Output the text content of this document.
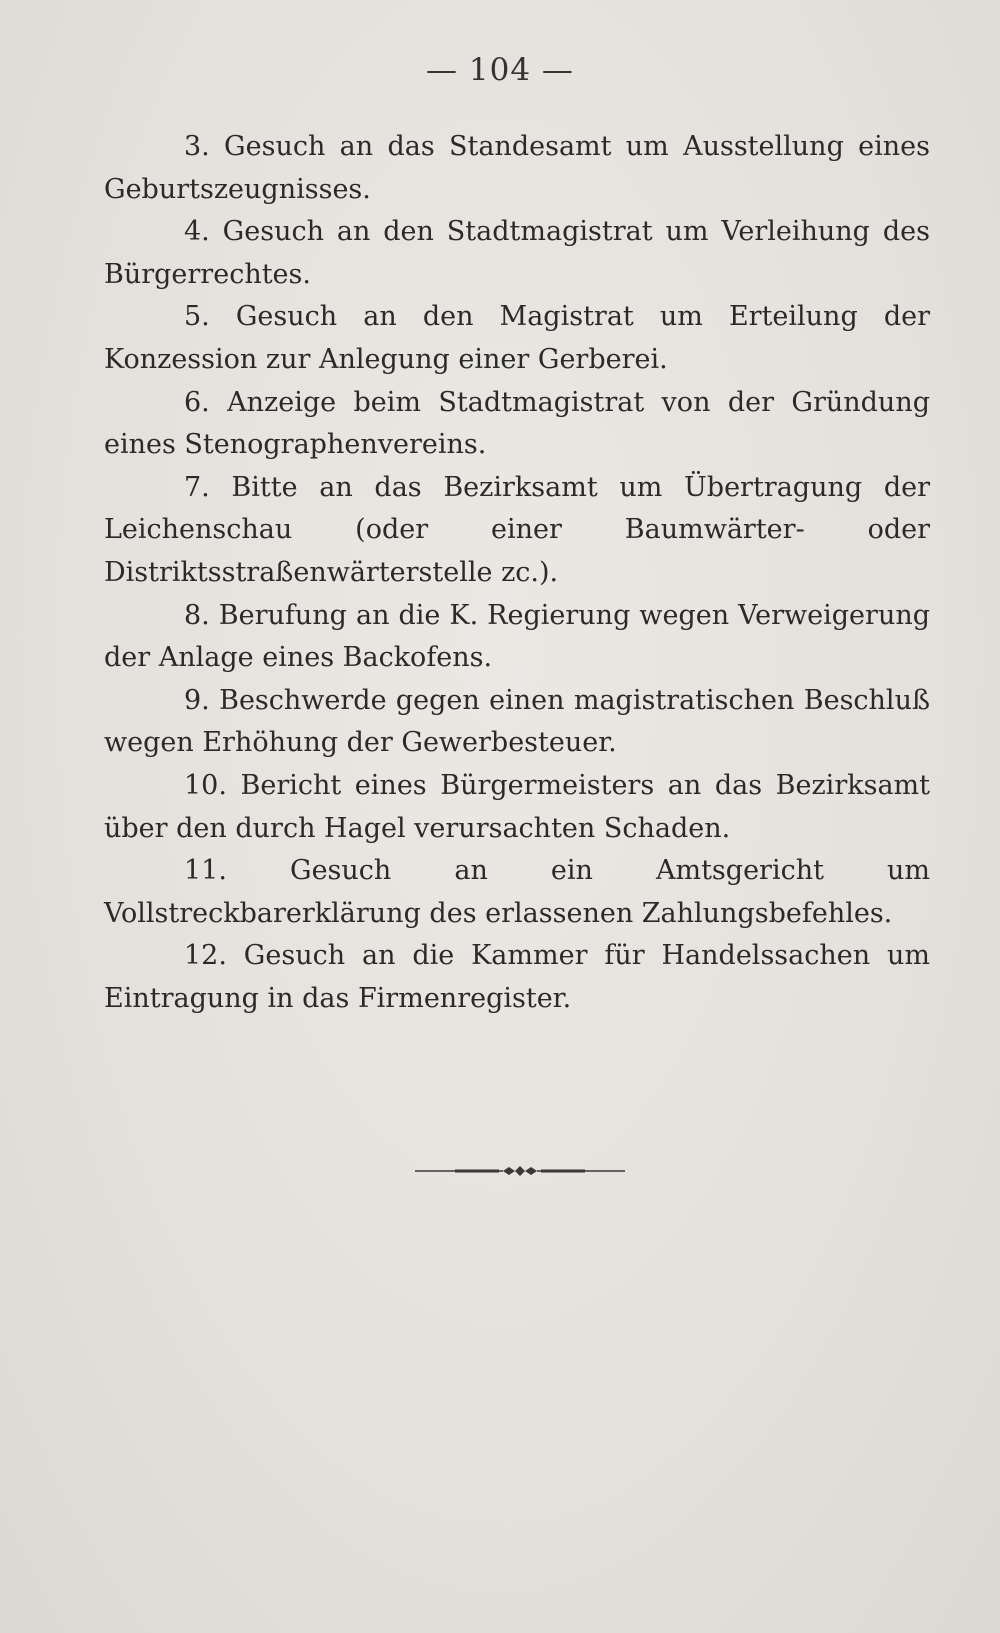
— 104 —

3. Gesuch an das Standesamt um Ausstellung eines Geburtszeugnisses.

4. Gesuch an den Stadtmagistrat um Verleihung des Bürgerrechtes.

5. Gesuch an den Magistrat um Erteilung der Konzession zur Anlegung einer Gerberei.

6. Anzeige beim Stadtmagistrat von der Gründung eines Stenographenvereins.

7. Bitte an das Bezirksamt um Übertragung der Leichenschau (oder einer Baumwärter- oder Distriktsstraßenwärterstelle zc.).

8. Berufung an die K. Regierung wegen Verweigerung der Anlage eines Backofens.

9. Beschwerde gegen einen magistratischen Beschluß wegen Erhöhung der Gewerbesteuer.

10. Bericht eines Bürgermeisters an das Bezirksamt über den durch Hagel verursachten Schaden.

11. Gesuch an ein Amtsgericht um Vollstreckbarerklärung des erlassenen Zahlungsbefehles.

12. Gesuch an die Kammer für Handelssachen um Eintragung in das Firmenregister.
